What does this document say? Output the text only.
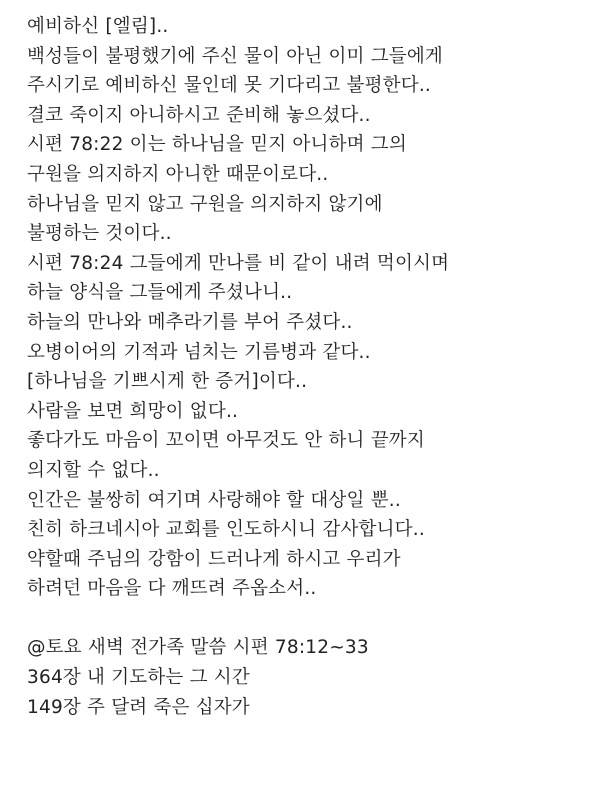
예비하신 [엘림]..
백성들이 불평했기에 주신 물이 아닌 이미 그들에게
주시기로 예비하신 물인데 못 기다리고 불평한다..
결코 죽이지 아니하시고 준비해 놓으셨다..
시편 78:22 이는 하나님을 믿지 아니하며 그의
구원을 의지하지 아니한 때문이로다..
하나님을 믿지 않고 구원을 의지하지 않기에
불평하는 것이다..
시편 78:24 그들에게 만나를 비 같이 내려 먹이시며
하늘 양식을 그들에게 주셨나니..
하늘의 만나와 메추라기를 부어 주셨다..
오병이어의 기적과 넘치는 기름병과 같다..
[하나님을 기쁘시게 한 증거]이다..
사람을 보면 희망이 없다..
좋다가도 마음이 꼬이면 아무것도 안 하니 끝까지
의지할 수 없다..
인간은 불쌍히 여기며 사랑해야 할 대상일 뿐..
친히 하크네시아 교회를 인도하시니 감사합니다..
약할때 주님의 강함이 드러나게 하시고 우리가
하려던 마음을 다 깨뜨려 주옵소서..
@토요 새벽 전가족 말씀 시편 78:12~33
364장 내 기도하는 그 시간
149장 주 달려 죽은 십자가
